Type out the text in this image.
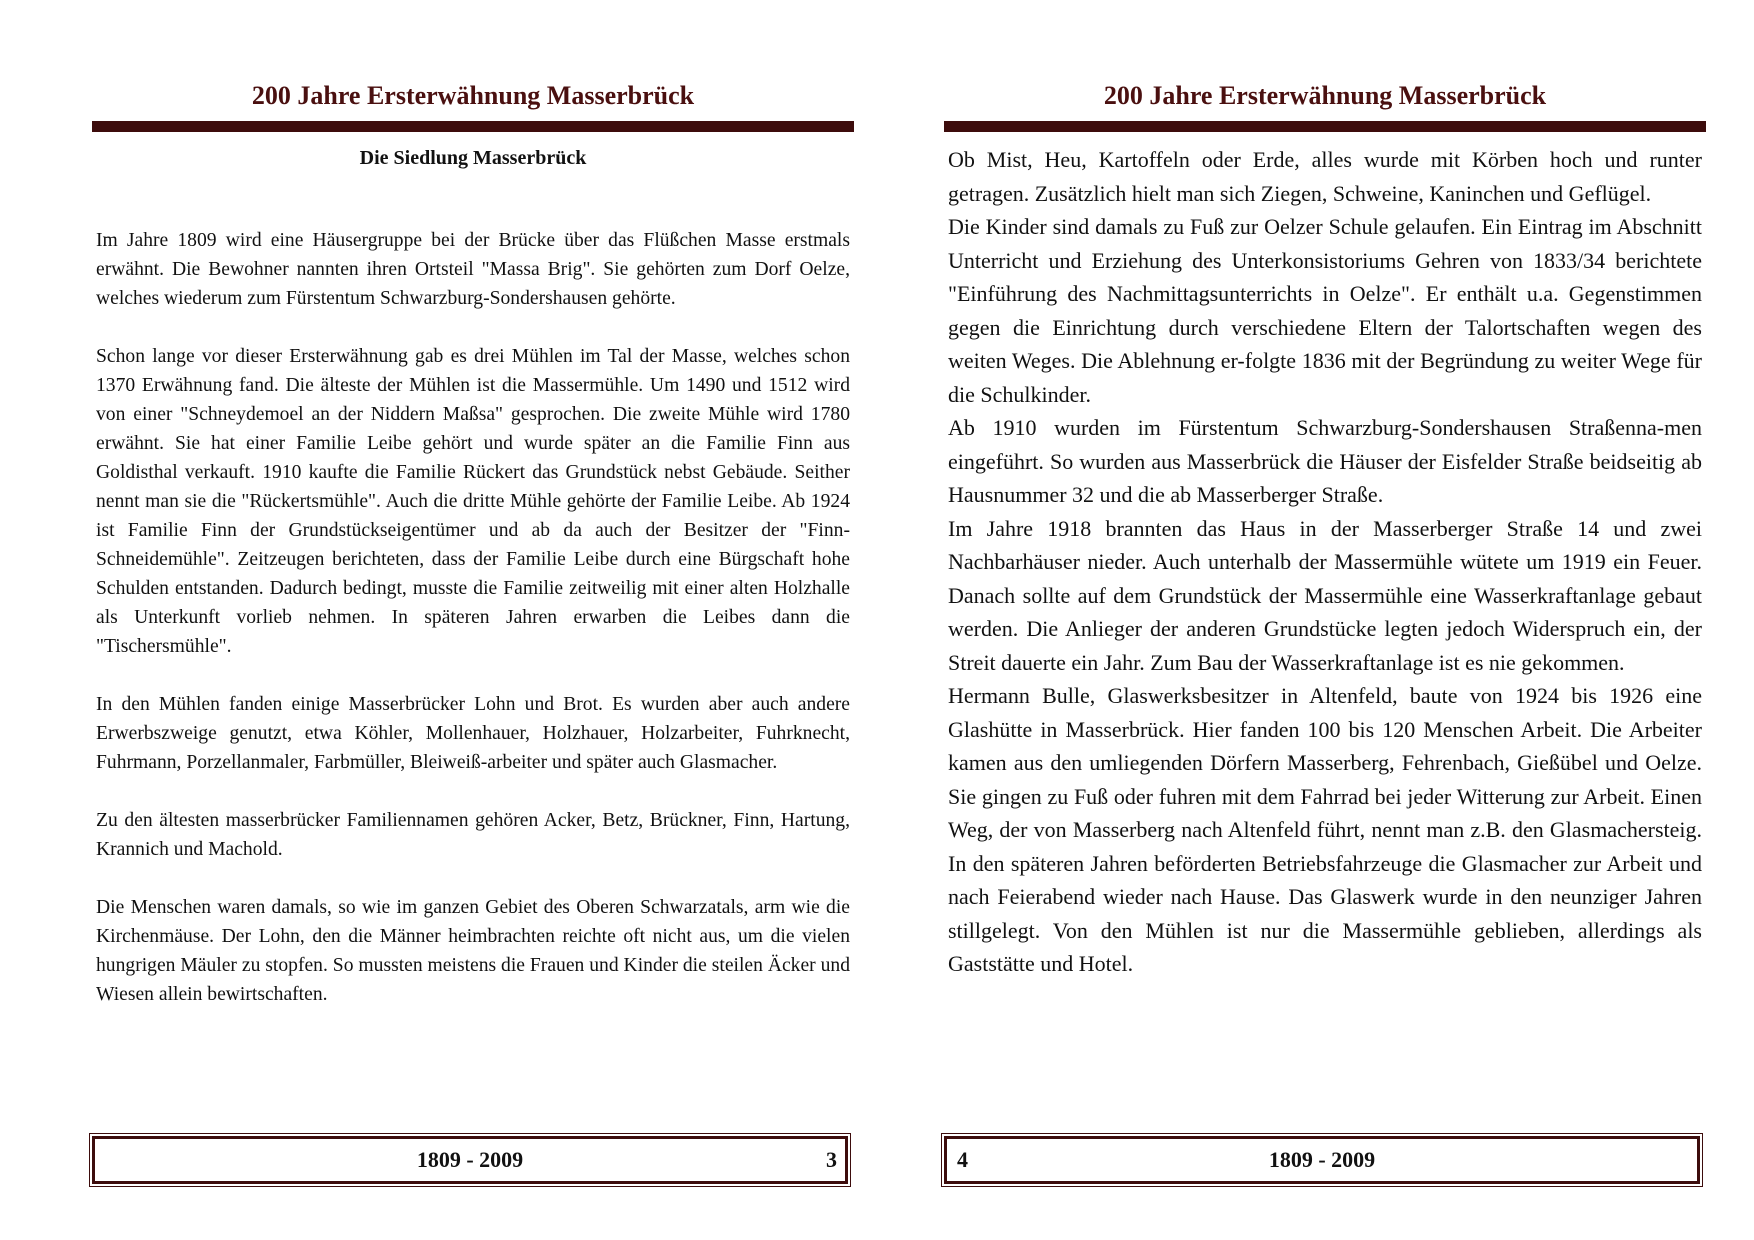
200 Jahre Ersterwähnung Masserbrück
Die Siedlung Masserbrück

Im Jahre 1809 wird eine Häusergruppe bei der Brücke über das Flüßchen Masse erstmals erwähnt. Die Bewohner nannten ihren Ortsteil "Massa Brig". Sie gehörten zum Dorf Oelze, welches wiederum zum Fürstentum Schwarzburg-Sondershausen gehörte.

Schon lange vor dieser Ersterwähnung gab es drei Mühlen im Tal der Masse, welches schon 1370 Erwähnung fand. Die älteste der Mühlen ist die Massermühle. Um 1490 und 1512 wird von einer "Schneydemoel an der Niddern Maßsa" gesprochen. Die zweite Mühle wird 1780 erwähnt. Sie hat einer Familie Leibe gehört und wurde später an die Familie Finn aus Goldisthal verkauft. 1910 kaufte die Familie Rückert das Grundstück nebst Gebäude. Seither nennt man sie die "Rückertsmühle". Auch die dritte Mühle gehörte der Familie Leibe. Ab 1924 ist Familie Finn der Grundstückseigentümer und ab da auch der Besitzer der "Finn-Schneidemühle". Zeitzeugen berichteten, dass der Familie Leibe durch eine Bürgschaft hohe Schulden entstanden. Dadurch bedingt, musste die Familie zeitweilig mit einer alten Holzhalle als Unterkunft vorlieb nehmen. In späteren Jahren erwarben die Leibes dann die "Tischersmühle".

In den Mühlen fanden einige Masserbrücker Lohn und Brot. Es wurden aber auch andere Erwerbszweige genutzt, etwa Köhler, Mollenhauer, Holzhauer, Holzarbeiter, Fuhrknecht, Fuhrmann, Porzellanmaler, Farbmüller, Bleiweiß-arbeiter und später auch Glasmacher.

Zu den ältesten masserbrücker Familiennamen gehören Acker, Betz, Brückner, Finn, Hartung, Krannich und Machold.

Die Menschen waren damals, so wie im ganzen Gebiet des Oberen Schwarzatals, arm wie die Kirchenmäuse. Der Lohn, den die Männer heimbrachten reichte oft nicht aus, um die vielen hungrigen Mäuler zu stopfen. So mussten meistens die Frauen und Kinder die steilen Äcker und Wiesen allein bewirtschaften.

1809 - 2009	3
200 Jahre Ersterwähnung Masserbrück

Ob Mist, Heu, Kartoffeln oder Erde, alles wurde mit Körben hoch und runter getragen. Zusätzlich hielt man sich Ziegen, Schweine, Kaninchen und Geflügel.

Die Kinder sind damals zu Fuß zur Oelzer Schule gelaufen. Ein Eintrag im Abschnitt Unterricht und Erziehung des Unterkonsistoriums Gehren von 1833/34 berichtete "Einführung des Nachmittagsunterrichts in Oelze". Er enthält u.a. Gegenstimmen gegen die Einrichtung durch verschiedene Eltern der Talortschaften wegen des weiten Weges. Die Ablehnung er-folgte 1836 mit der Begründung zu weiter Wege für die Schulkinder.

Ab 1910 wurden im Fürstentum Schwarzburg-Sondershausen Straßenna-men eingeführt. So wurden aus Masserbrück die Häuser der Eisfelder Straße beidseitig ab Hausnummer 32 und die ab Masserberger Straße.

Im Jahre 1918 brannten das Haus in der Masserberger Straße 14 und zwei Nachbarhäuser nieder. Auch unterhalb der Massermühle wütete um 1919 ein Feuer. Danach sollte auf dem Grundstück der Massermühle eine Wasserkraftanlage gebaut werden. Die Anlieger der anderen Grundstücke legten jedoch Widerspruch ein, der Streit dauerte ein Jahr. Zum Bau der Wasserkraftanlage ist es nie gekommen.

Hermann Bulle, Glaswerksbesitzer in Altenfeld, baute von 1924 bis 1926 eine Glashütte in Masserbrück. Hier fanden 100 bis 120 Menschen Arbeit. Die Arbeiter kamen aus den umliegenden Dörfern Masserberg, Fehrenbach, Gießübel und Oelze. Sie gingen zu Fuß oder fuhren mit dem Fahrrad bei jeder Witterung zur Arbeit. Einen Weg, der von Masserberg nach Altenfeld führt, nennt man z.B. den Glasmachersteig. In den späteren Jahren beförderten Betriebsfahrzeuge die Glasmacher zur Arbeit und nach Feierabend wieder nach Hause. Das Glaswerk wurde in den neunziger Jahren stillgelegt. Von den Mühlen ist nur die Massermühle geblieben, allerdings als Gaststätte und Hotel.

4	1809 - 2009
